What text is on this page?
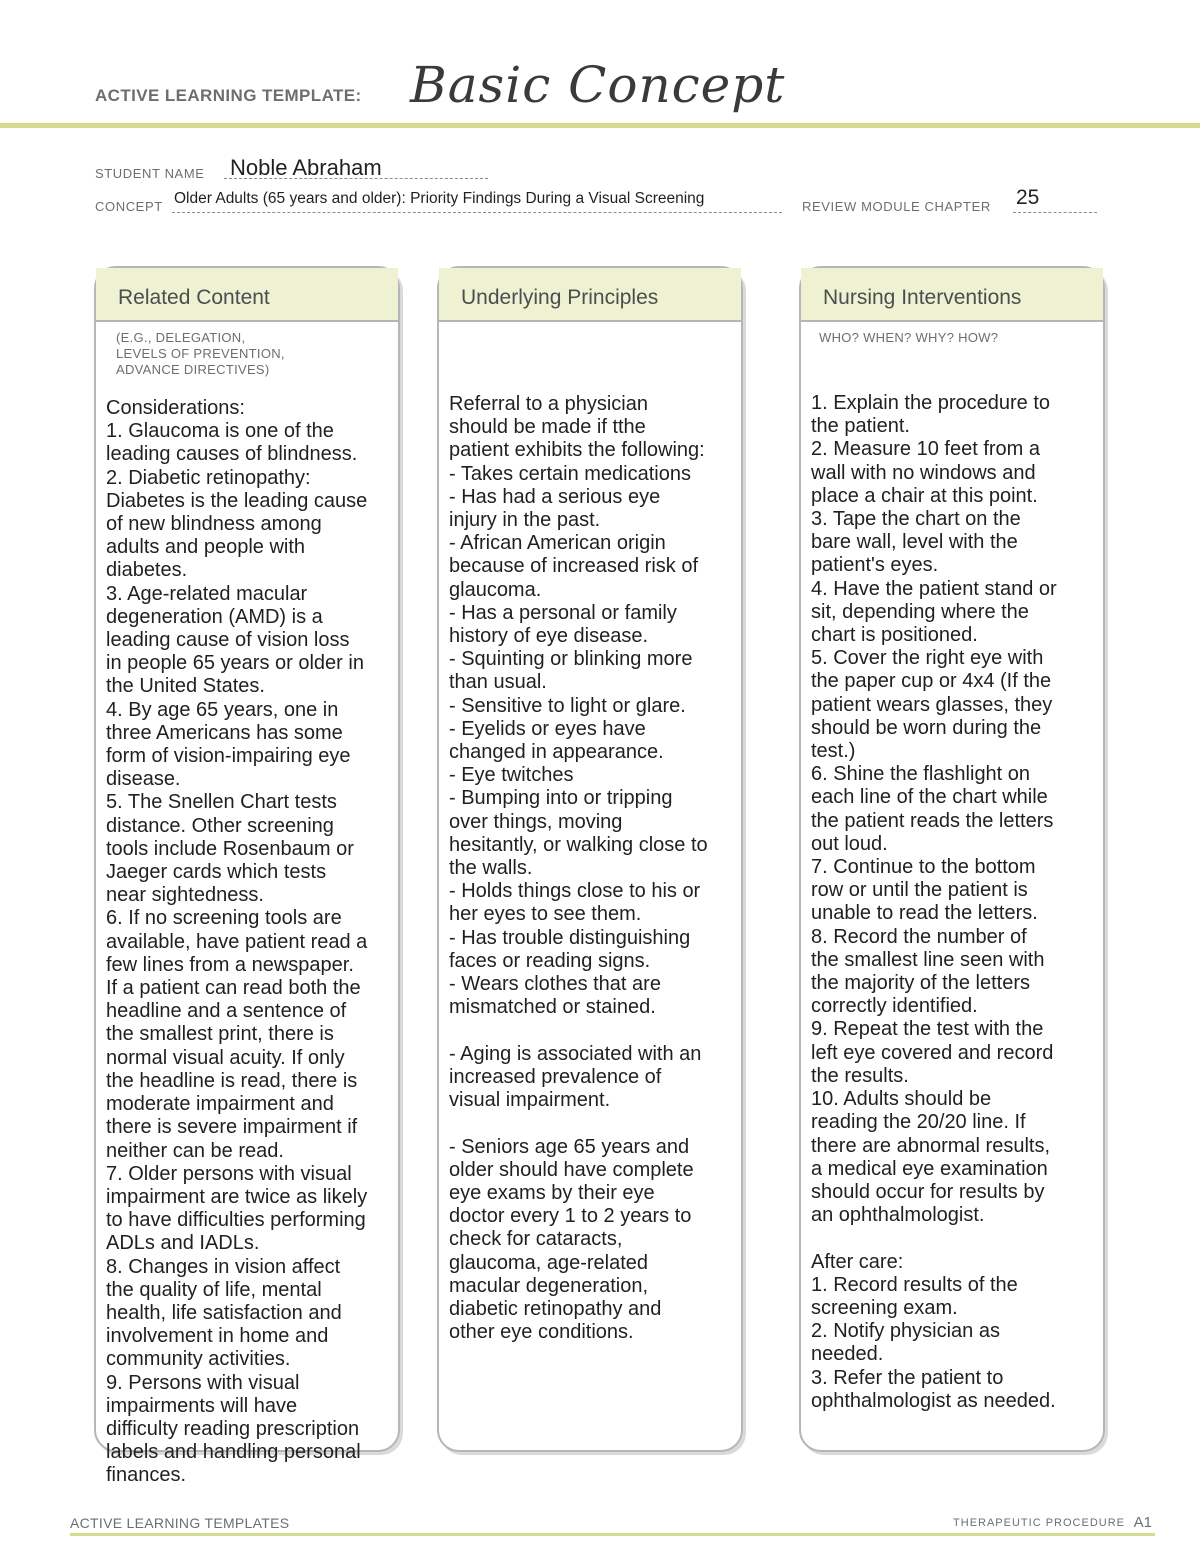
ACTIVE LEARNING TEMPLATE: Basic Concept
STUDENT NAME Noble Abraham
CONCEPT Older Adults (65 years and older): Priority Findings During a Visual Screening	REVIEW MODULE CHAPTER 25
Related Content
(E.G., DELEGATION,
LEVELS OF PREVENTION,
ADVANCE DIRECTIVES)
Considerations:
1. Glaucoma is one of the
leading causes of blindness.
2. Diabetic retinopathy:
Diabetes is the leading cause
of new blindness among
adults and people with
diabetes.
3. Age-related macular
degeneration (AMD) is a
leading cause of vision loss
in people 65 years or older in
the United States.
4. By age 65 years, one in
three Americans has some
form of vision-impairing eye
disease.
5. The Snellen Chart tests
distance. Other screening
tools include Rosenbaum or
Jaeger cards which tests
near sightedness.
6. If no screening tools are
available, have patient read a
few lines from a newspaper.
If a patient can read both the
headline and a sentence of
the smallest print, there is
normal visual acuity. If only
the headline is read, there is
moderate impairment and
there is severe impairment if
neither can be read.
7. Older persons with visual
impairment are twice as likely
to have difficulties performing
ADLs and IADLs.
8. Changes in vision affect
the quality of life, mental
health, life satisfaction and
involvement in home and
community activities.
9. Persons with visual
impairments will have
difficulty reading prescription
labels and handling personal
finances.
Underlying Principles
Referral to a physician
should be made if tthe
patient exhibits the following:
- Takes certain medications
- Has had a serious eye
injury in the past.
- African American origin
because of increased risk of
glaucoma.
- Has a personal or family
history of eye disease.
- Squinting or blinking more
than usual.
- Sensitive to light or glare.
- Eyelids or eyes have
changed in appearance.
- Eye twitches
- Bumping into or tripping
over things, moving
hesitantly, or walking close to
the walls.
- Holds things close to his or
her eyes to see them.
- Has trouble distinguishing
faces or reading signs.
- Wears clothes that are
mismatched or stained.

- Aging is associated with an
increased prevalence of
visual impairment.

- Seniors age 65 years and
older should have complete
eye exams by their eye
doctor every 1 to 2 years to
check for cataracts,
glaucoma, age-related
macular degeneration,
diabetic retinopathy and
other eye conditions.
Nursing Interventions
WHO? WHEN? WHY? HOW?
1. Explain the procedure to
the patient.
2. Measure 10 feet from a
wall with no windows and
place a chair at this point.
3. Tape the chart on the
bare wall, level with the
patient's eyes.
4. Have the patient stand or
sit, depending where the
chart is positioned.
5. Cover the right eye with
the paper cup or 4x4 (If the
patient wears glasses, they
should be worn during the
test.)
6. Shine the flashlight on
each line of the chart while
the patient reads the letters
out loud.
7. Continue to the bottom
row or until the patient is
unable to read the letters.
8. Record the number of
the smallest line seen with
the majority of the letters
correctly identified.
9. Repeat the test with the
left eye covered and record
the results.
10. Adults should be
reading the 20/20 line. If
there are abnormal results,
a medical eye examination
should occur for results by
an ophthalmologist.

After care:
1. Record results of the
screening exam.
2. Notify physician as
needed.
3. Refer the patient to
ophthalmologist as needed.
ACTIVE LEARNING TEMPLATES	THERAPEUTIC PROCEDURE A1
